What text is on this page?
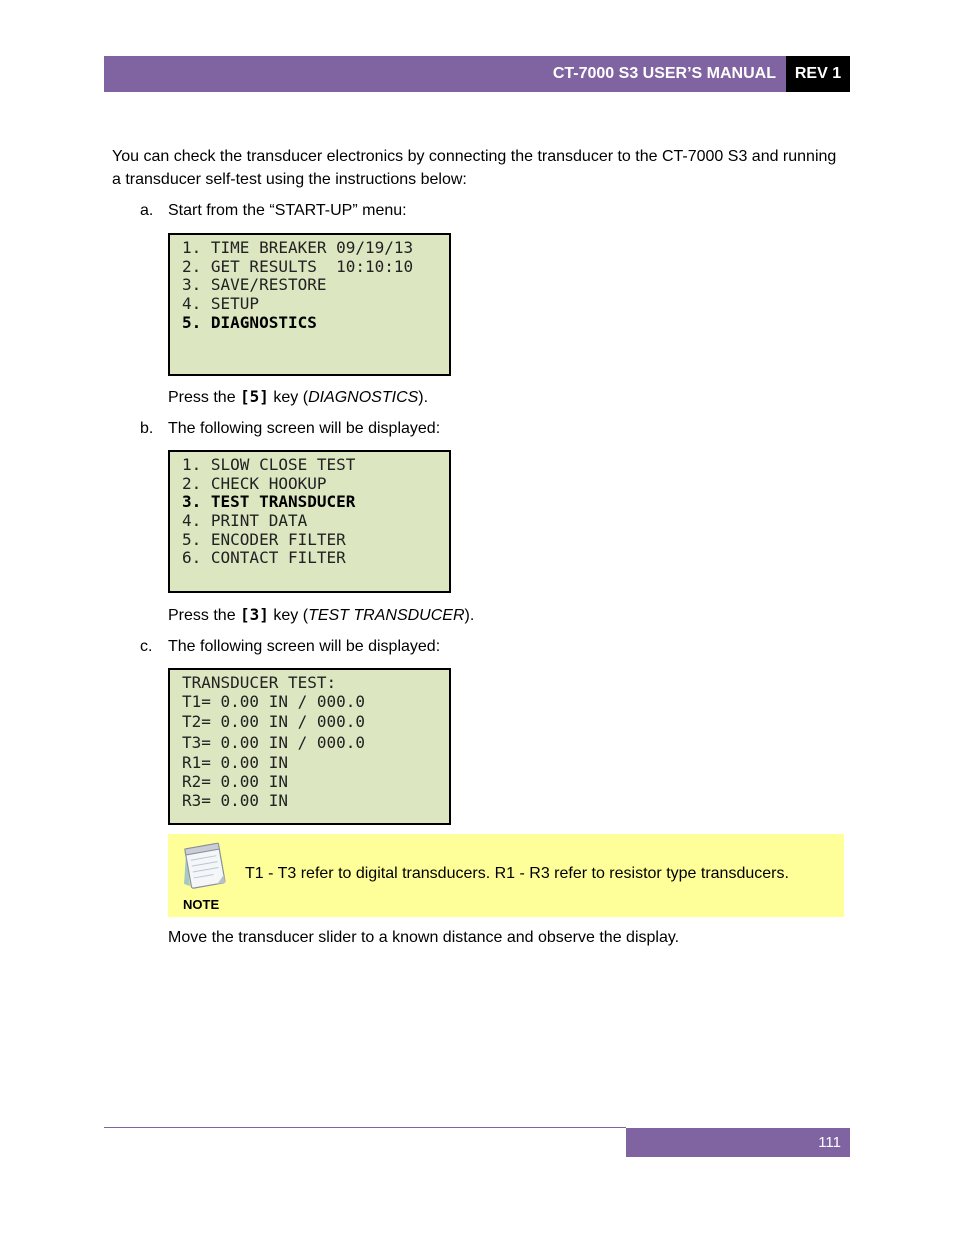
CT-7000 S3 USER’S MANUAL REV 1
You can check the transducer electronics by connecting the transducer to the CT-7000 S3 and running a transducer self-test using the instructions below:
a. Start from the “START-UP” menu:
1. TIME BREAKER 09/19/13
2. GET RESULTS  10:10:10
3. SAVE/RESTORE
4. SETUP
5. DIAGNOSTICS
Press the [5] key (DIAGNOSTICS).
b. The following screen will be displayed:
1. SLOW CLOSE TEST
2. CHECK HOOKUP
3. TEST TRANSDUCER
4. PRINT DATA
5. ENCODER FILTER
6. CONTACT FILTER
Press the [3] key (TEST TRANSDUCER).
c. The following screen will be displayed:
TRANSDUCER TEST:
T1= 0.00 IN / 000.0
T2= 0.00 IN / 000.0
T3= 0.00 IN / 000.0
R1= 0.00 IN
R2= 0.00 IN
R3= 0.00 IN
NOTE
T1 - T3 refer to digital transducers. R1 - R3 refer to resistor type transducers.
Move the transducer slider to a known distance and observe the display.
111
